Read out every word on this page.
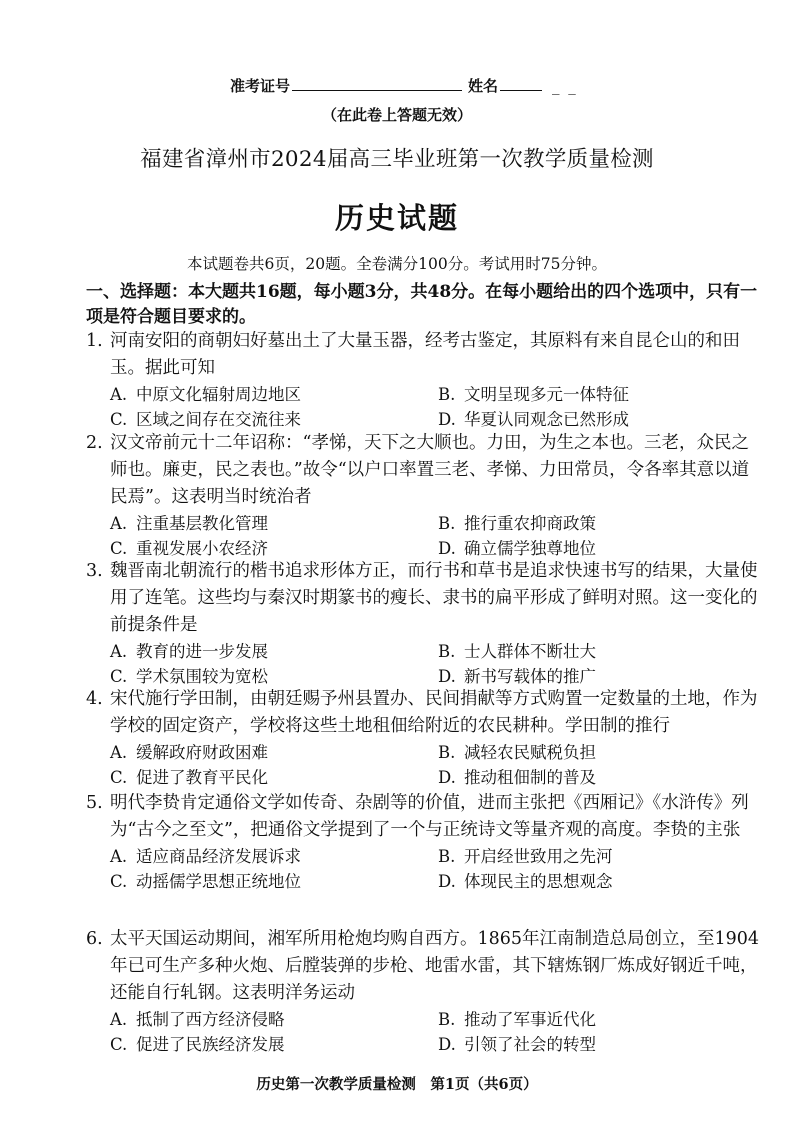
准考证号	姓名	_ _
（在此卷上答题无效）
福建省漳州市2024届高三毕业班第一次教学质量检测
历史试题
本试题卷共6页，20题。全卷满分100分。考试用时75分钟。
一、选择题：本大题共16题，每小题3分，共48分。在每小题给出的四个选项中，只有一项是符合题目要求的。
1. 河南安阳的商朝妇好墓出土了大量玉器，经考古鉴定，其原料有来自昆仑山的和田玉。据此可知
A. 中原文化辐射周边地区	B. 文明呈现多元一体特征
C. 区域之间存在交流往来	D. 华夏认同观念已然形成
2. 汉文帝前元十二年诏称：“孝悌，天下之大顺也。力田，为生之本也。三老，众民之师也。廉吏，民之表也。”故令“以户口率置三老、孝悌、力田常员，令各率其意以道民焉”。这表明当时统治者
A. 注重基层教化管理	B. 推行重农抑商政策
C. 重视发展小农经济	D. 确立儒学独尊地位
3. 魏晋南北朝流行的楷书追求形体方正，而行书和草书是追求快速书写的结果，大量使用了连笔。这些均与秦汉时期篆书的瘦长、隶书的扁平形成了鲜明对照。这一变化的前提条件是
A. 教育的进一步发展	B. 士人群体不断壮大
C. 学术氛围较为宽松	D. 新书写载体的推广
4. 宋代施行学田制，由朝廷赐予州县置办、民间捐献等方式购置一定数量的土地，作为学校的固定资产，学校将这些土地租佃给附近的农民耕种。学田制的推行
A. 缓解政府财政困难	B. 减轻农民赋税负担
C. 促进了教育平民化	D. 推动租佃制的普及
5. 明代李贽肯定通俗文学如传奇、杂剧等的价值，进而主张把《西厢记》《水浒传》列为“古今之至文”，把通俗文学提到了一个与正统诗文等量齐观的高度。李贽的主张
A. 适应商品经济发展诉求	B. 开启经世致用之先河
C. 动摇儒学思想正统地位	D. 体现民主的思想观念
6. 太平天国运动期间，湘军所用枪炮均购自西方。1865年江南制造总局创立，至1904年已可生产多种火炮、后膛装弹的步枪、地雷水雷，其下辖炼钢厂炼成好钢近千吨，还能自行轧钢。这表明洋务运动
A. 抵制了西方经济侵略	B. 推动了军事近代化
C. 促进了民族经济发展	D. 引领了社会的转型
历史第一次教学质量检测　第1页（共6页）
